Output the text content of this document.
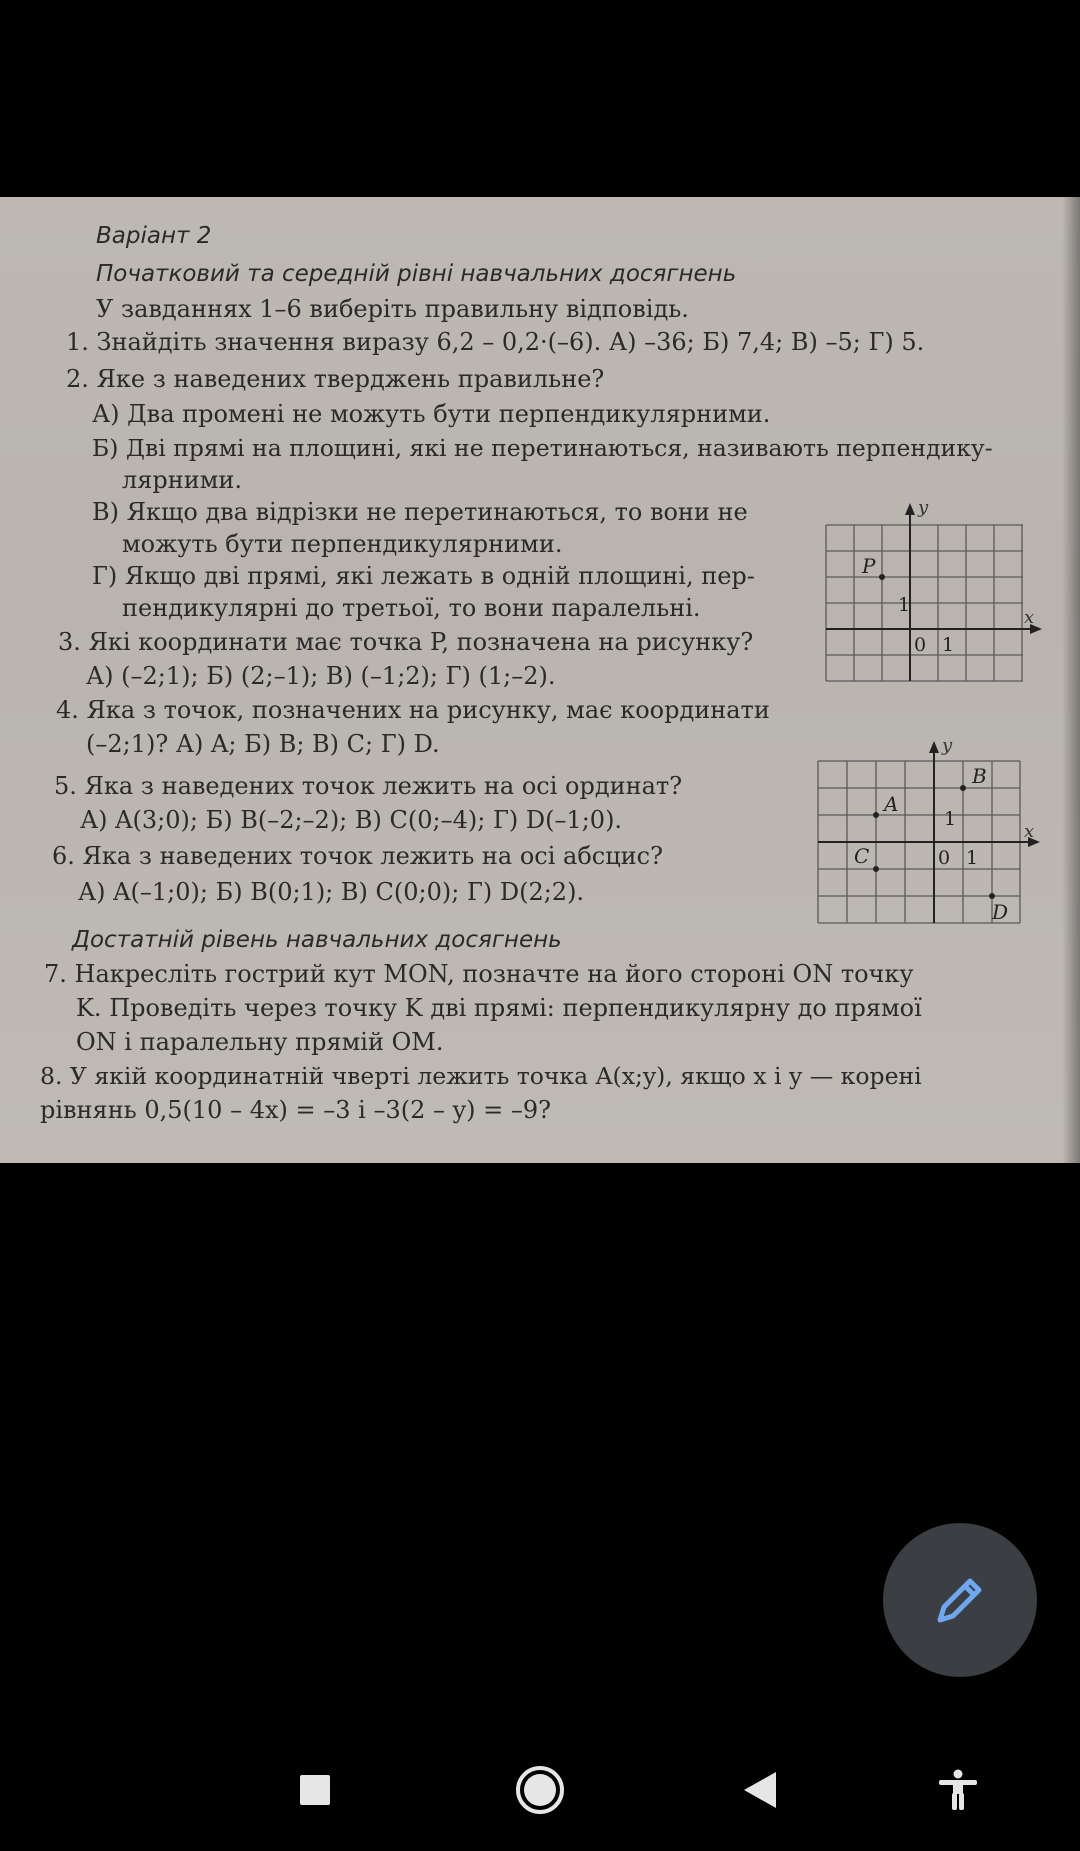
Варіант 2
Початковий та середній рівні навчальних досягнень
У завданнях 1–6 виберіть правильну відповідь.
1. Знайдіть значення виразу 6,2 – 0,2·(–6). А) –36; Б) 7,4; В) –5; Г) 5.
2. Яке з наведених тверджень правильне?
А) Два промені не можуть бути перпендикулярними.
Б) Дві прямі на площині, які не перетинаються, називають перпендику-
лярними.
В) Якщо два відрізки не перетинаються, то вони не
можуть бути перпендикулярними.
Г) Якщо дві прямі, які лежать в одній площині, пер-
пендикулярні до третьої, то вони паралельні.
3. Які координати має точка P, позначена на рисунку?
А) (–2;1); Б) (2;–1); В) (–1;2); Г) (1;–2).
4. Яка з точок, позначених на рисунку, має координати
(–2;1)? А) A; Б) B; В) C; Г) D.
5. Яка з наведених точок лежить на осі ординат?
А) A(3;0); Б) B(–2;–2); В) C(0;–4); Г) D(–1;0).
6. Яка з наведених точок лежить на осі абсцис?
А) A(–1;0); Б) B(0;1); В) C(0;0); Г) D(2;2).
Достатній рівень навчальних досягнень
7. Накресліть гострий кут MON, позначте на його стороні ON точку
K. Проведіть через точку K дві прямі: перпендикулярну до прямої
ON і паралельну прямій OM.
8. У якій координатній чверті лежить точка A(x;y), якщо x і y — корені
рівнянь 0,5(10 – 4x) = –3 і –3(2 – y) = –9?
P
y
x
0 1
1
A
B
C
D
y
x
0 1
1
